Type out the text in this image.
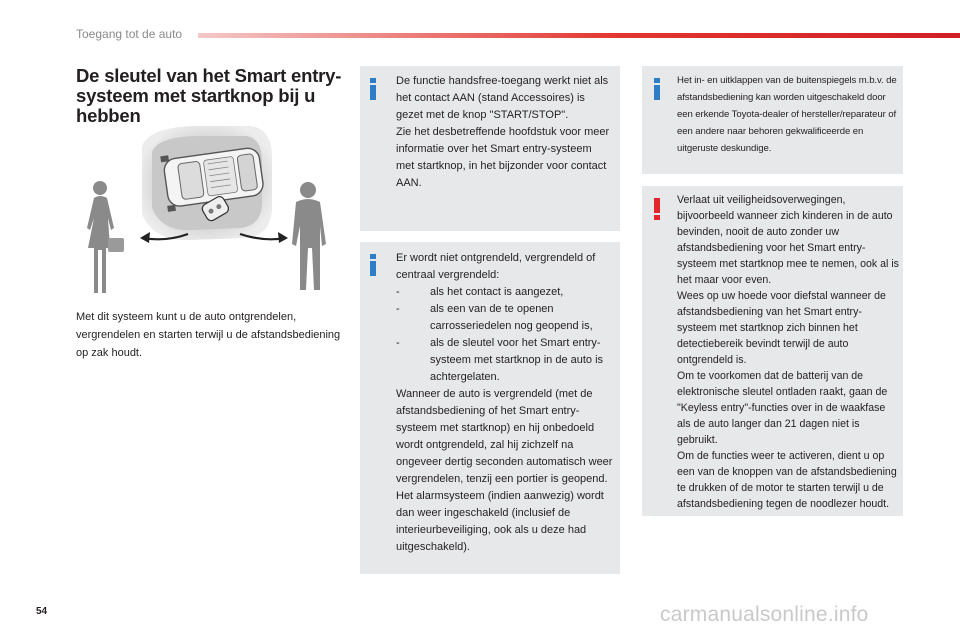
Toegang tot de auto
De sleutel van het Smart entry-systeem met startknop bij u hebben
Met dit systeem kunt u de auto ontgrendelen, vergrendelen en starten terwijl u de afstandsbediening op zak houdt.
De functie handsfree-toegang werkt niet als het contact AAN (stand Accessoires) is gezet met de knop "START/STOP".
Zie het desbetreffende hoofdstuk voor meer informatie over het Smart entry-systeem met startknop, in het bijzonder voor contact AAN.
Er wordt niet ontgrendeld, vergrendeld of centraal vergrendeld:
-	als het contact is aangezet,
-	als een van de te openen carrosseriedelen nog geopend is,
-	als de sleutel voor het Smart entry-systeem met startknop in de auto is achtergelaten.
Wanneer de auto is vergrendeld (met de afstandsbediening of het Smart entry-systeem met startknop) en hij onbedoeld wordt ontgrendeld, zal hij zichzelf na ongeveer dertig seconden automatisch weer vergrendelen, tenzij een portier is geopend.
Het alarmsysteem (indien aanwezig) wordt dan weer ingeschakeld (inclusief de interieurbeveiliging, ook als u deze had uitgeschakeld).
Het in- en uitklappen van de buitenspiegels m.b.v. de afstandsbediening kan worden uitgeschakeld door een erkende Toyota-dealer of hersteller/reparateur of een andere naar behoren gekwalificeerde en uitgeruste deskundige.
Verlaat uit veiligheidsoverwegingen, bijvoorbeeld wanneer zich kinderen in de auto bevinden, nooit de auto zonder uw afstandsbediening voor het Smart entry-systeem met startknop mee te nemen, ook al is het maar voor even.
Wees op uw hoede voor diefstal wanneer de afstandsbediening van het Smart entry-systeem met startknop zich binnen het detectiebereik bevindt terwijl de auto ontgrendeld is.
Om te voorkomen dat de batterij van de elektronische sleutel ontladen raakt, gaan de "Keyless entry"-functies over in de waakfase als de auto langer dan 21 dagen niet is gebruikt.
Om de functies weer te activeren, dient u op een van de knoppen van de afstandsbediening te drukken of de motor te starten terwijl u de afstandsbediening tegen de noodlezer houdt.
54	carmanualsonline.info
